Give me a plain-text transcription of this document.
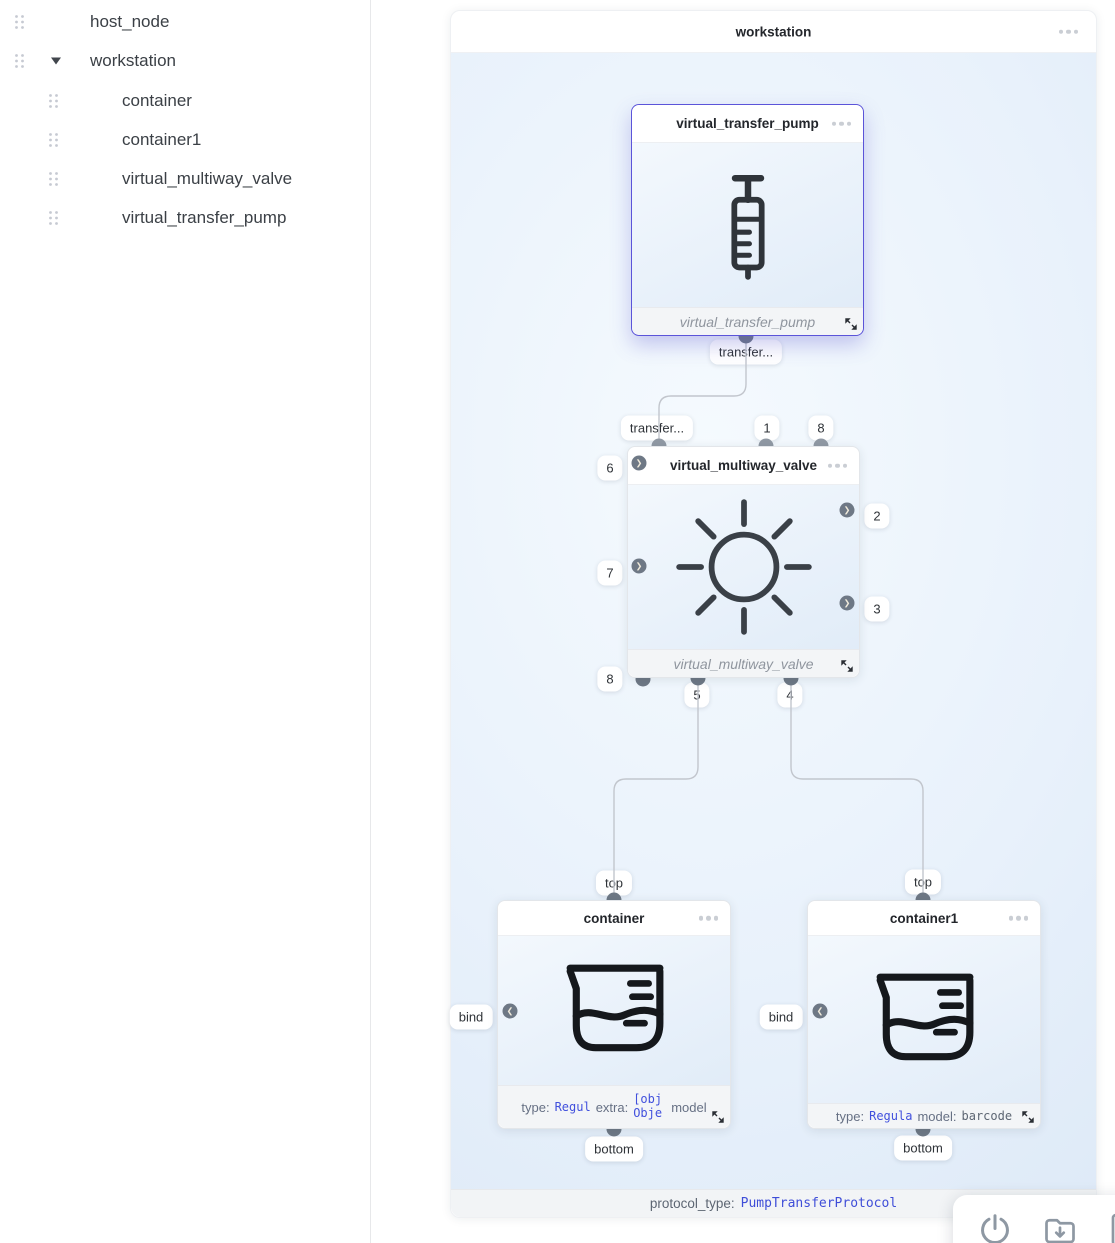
host_node
workstation
container
container1
virtual_multiway_valve
virtual_transfer_pump
workstation
transfer...
transfer...	1	8
6
7
8
2
3
5	4
top
bind
bottom
top
bind
bottom
virtual_transfer_pump
virtual_transfer_pump
virtual_multiway_valve
virtual_multiway_valve
container
type: Regul extra:
[obj Obje model
container1
type: Regula model: barcode
❯
❯
❯
❯
❮	❮
protocol_type: PumpTransferProtocol
